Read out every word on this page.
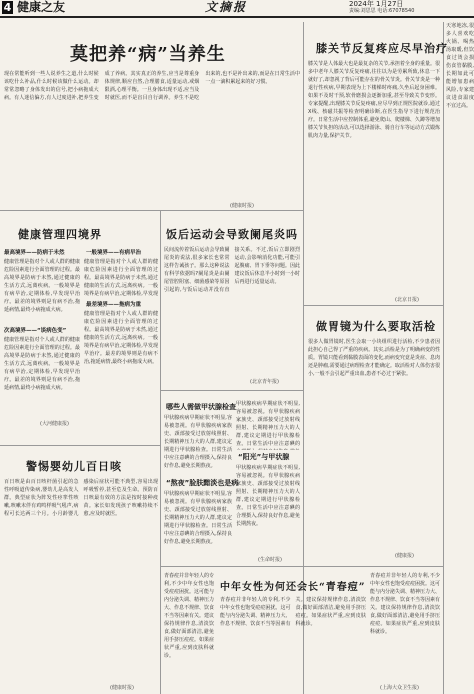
4 健康之友	文摘报	2024年 1月27日
责编:刘思思 电话:67078540
莫把养“病”当养生
现在常能听到一些人说养生之道,什么时候该吃什么补品,什么时候该做什么运动。却常常忽略了身体发出的信号,把小病拖成大病。有人迷信偏方,有人过度进补,把养生变成了养病。其实真正的养生,应当是尊重身体规律,顺应自然,合理膳食,适量运动,戒烟限酒,心理平衡。一旦身体出现不适,应当及时就医,而不是盲目自行调养。养生不是吃出来的,也不是补出来的,而是在日常生活中一点一滴积累起来的好习惯。
(健康时报)
膝关节反复疼应尽早治疗
膝关节是人体最大也是最复杂的关节,承担着全身的重量。很多中老年人膝关节反复疼痛,往往以为是劳累所致,休息一下就好了,却忽视了背后可能存在的骨关节炎。骨关节炎是一种退行性疾病,早期表现为上下楼梯时疼痛,久坐后起身困难。如果不及时干预,软骨磨损会逐渐加重,甚至导致关节变形。专家提醒,出现膝关节反复疼痛,应尽早到正规医院就诊,通过X线、核磁共振等检查明确诊断,在医生指导下进行规范治疗。日常生活中应控制体重,避免爬山、爬楼梯、久蹲等增加膝关节负担的活动,可以选择游泳、骑自行车等运动方式锻炼肌肉力量,保护关节。
(北京日报)
健康管理四境界
最高境界——防病于未然	一般境界——有病早治
健康管理是指对个人或人群的健康危险因素进行全面管理的过程。最高境界是防病于未然,通过健康的生活方式,远离疾病。一般境界是有病早治,定期体检,早发现早治疗。最差的境界则是有病不治,拖延病情,最终小病拖成大病。
健康管理是指对个人或人群的健康危险因素进行全面管理的过程。最高境界是防病于未然,通过健康的生活方式,远离疾病。一般境界是有病早治,定期体检,早发现
最差境界——拖病为重
次高境界——“谈病色变”
健康管理是指对个人或人群的健康危险因素进行全面管理的过程。最高境界是防病于未然,通过健康的生活方式,远离疾病。一般境界是有病早治,定期体检,早发现早治疗。最差的境界则是有病不治,拖延病情,最终小病拖成大病。
健康管理是指对个人或人群的健康危险因素进行全面管理的过程。最高境界是防病于未然,通过健康的生活方式,远离疾病。一般境界是有病早治,定期体检,早发现早治疗。最差的境界则是有病不治,拖延病情,最终小病拖成大病。
(大河健康报)
饭后运动会导致阑尾炎吗
民间流传着饭后运动会导致阑尾炎的说法,很多家长也常常这样告诫孩子。那么这种说法有科学依据吗?阑尾炎是由阑尾管腔阻塞、细菌感染等原因引起的,与饭后运动并没有直接关系。不过,饭后立即剧烈运动,会影响消化功能,可能引起腹痛、胃下垂等问题。因此建议饭后休息半小时到一小时后再进行适量运动。
(北京青年报)
警惕婴幼儿百日咳
百日咳是由百日咳杆菌引起的急性呼吸道传染病,婴幼儿是高发人群。典型症状为阵发性痉挛性咳嗽,咳嗽末伴有鸡鸣样吸气吼声,病程可长达两三个月。小月龄婴儿感染后症状可能不典型,容易出现呼吸暂停,甚至危及生命。预防百日咳最有效的方法是按时接种疫苗。家长如发现孩子咳嗽持续不愈,应及时就医。
(健康时报)
哪些人需做甲状腺检查
甲状腺疾病早期症状不明显,容易被忽视。有甲状腺疾病家族史、颈部接受过放射线照射、长期精神压力大的人群,建议定期进行甲状腺检查。日常生活中应注意碘的合理摄入,保持良好作息,避免长期熬夜。
“熬夜”脸肤黯淡也是病
甲状腺疾病早期症状不明显,容易被忽视。有甲状腺疾病家族史、颈部接受过放射线照射、长期精神压力大的人群,建议定期进行甲状腺检查。日常生活中应注意碘的合理摄入,保持良好作息,避免长期熬夜。
“阳光”与甲状腺
甲状腺疾病早期症状不明显,容易被忽视。有甲状腺疾病家族史、颈部接受过放射线照射、长期精神压力大的人群,建议定期进行甲状腺检查。日常生活中应注意碘的
甲状腺疾病早期症状不明显,容易被忽视。有甲状腺疾病家族史、颈部接受过放射线照射、长期精神压力大的人群,建议定期进行甲状腺检查。日常生活中应注意碘的合理摄入,保持良好作息,避免长期熬夜。
(生命时报)
做胃镜为什么要取活检
很多人做胃镜时,医生会取一小块组织进行活检,不少患者因此担心自己得了严重的疾病。其实,活检是为了明确病变的性质。胃镜只能看到黏膜表面的变化,而病变究竟是炎症、息肉还是肿瘤,需要通过病理检查才能确定。取活检对人体伤害很小,一般不会引起严重出血,患者不必过于紧张。
(健康报)
青春痘并非年轻人的专利,不少中年女性也饱受痘痘困扰。这可能与内分泌失调、精神压力大、作息不规律、饮食不当等因素有关。建议保持规律作息,清淡饮食,做好面部清洁,避免用手挤压痘痘。如果症状严重,应到皮肤科就诊。
中年女性为何还会长“青春痘”
青春痘并非年轻人的专利,不少中年女性也饱受痘痘困扰。这可能与内分泌失调、精神压力大、作息不规律、饮食不当等因素有关。建议保持规律作息,清淡饮食,做好面部清洁,避免用手挤压痘痘。如果症状严重,应到皮肤科就诊。
青春痘并非年轻人的专利,不少中年女性也饱受痘痘困扰。这可能与内分泌失调、精神压力大、作息不规律、饮食不当等因素有关。建议保持规律作息,清淡饮食,做好面部清洁,避免用手挤压痘痘。如果症状严重,应到皮肤科就诊。
(上海大众卫生报)
天寒地冻,很多人喜欢吃火锅、喝热汤取暖,但饮食过烫会损伤食管黏膜,长期如此可能增加患病风险,专家建议进食温度不宜过高。
